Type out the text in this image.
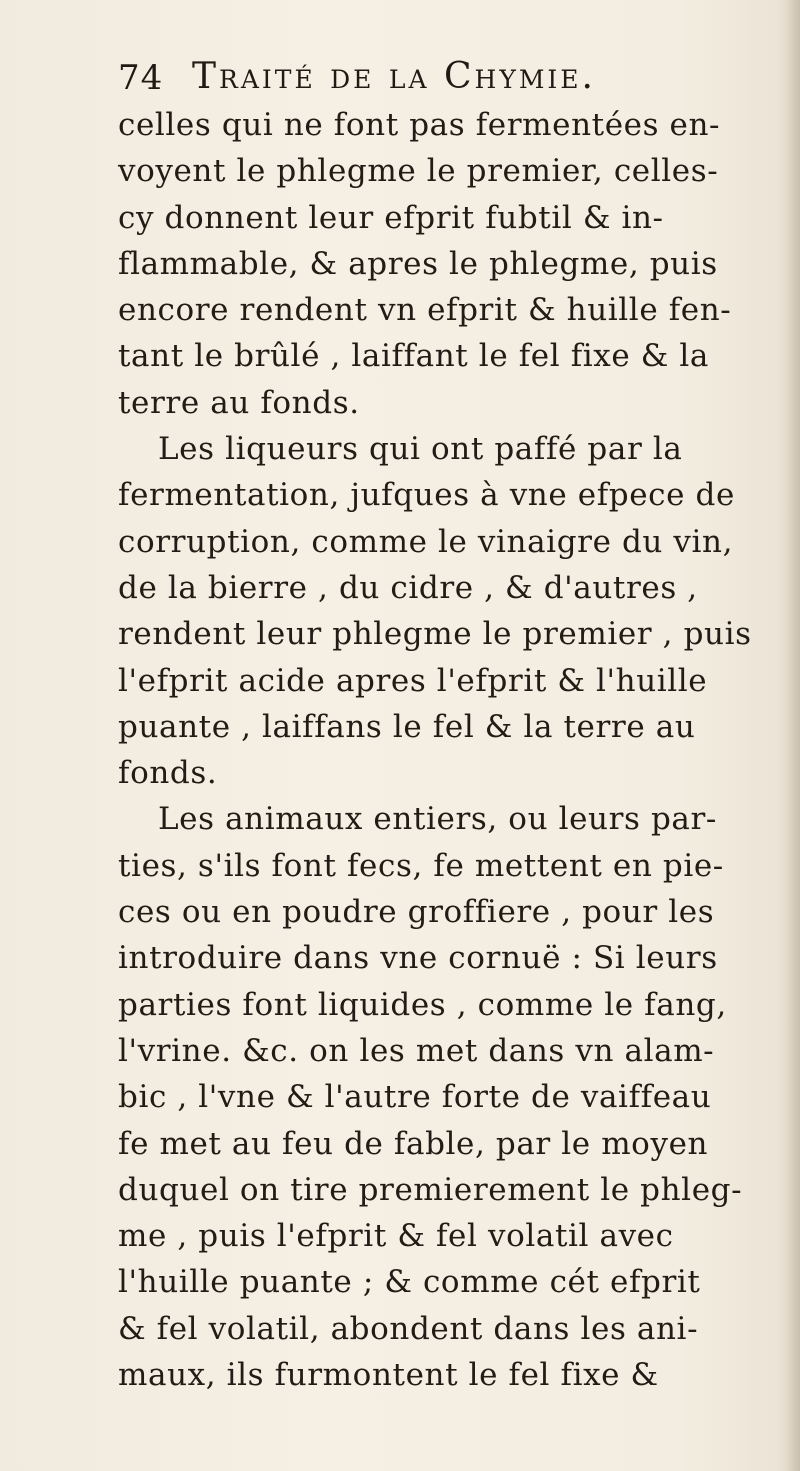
74 Traité de la Chymie.
celles qui ne font pas fermentées en-
voyent le phlegme le premier, celles-
cy donnent leur efprit fubtil & in-
flammable, & apres le phlegme, puis
encore rendent vn efprit & huille fen-
tant le brûlé , laiffant le fel fixe & la
terre au fonds.
Les liqueurs qui ont paffé par la
fermentation, jufques à vne efpece de
corruption, comme le vinaigre du vin,
de la bierre , du cidre , & d'autres ,
rendent leur phlegme le premier , puis
l'efprit acide apres l'efprit & l'huille
puante , laiffans le fel & la terre au
fonds.
Les animaux entiers, ou leurs par-
ties, s'ils font fecs, fe mettent en pie-
ces ou en poudre groffiere , pour les
introduire dans vne cornuë : Si leurs
parties font liquides , comme le fang,
l'vrine. &c. on les met dans vn alam-
bic , l'vne & l'autre forte de vaiffeau
fe met au feu de fable, par le moyen
duquel on tire premierement le phleg-
me , puis l'efprit & fel volatil avec
l'huille puante ; & comme cét efprit
& fel volatil, abondent dans les ani-
maux, ils furmontent le fel fixe &
